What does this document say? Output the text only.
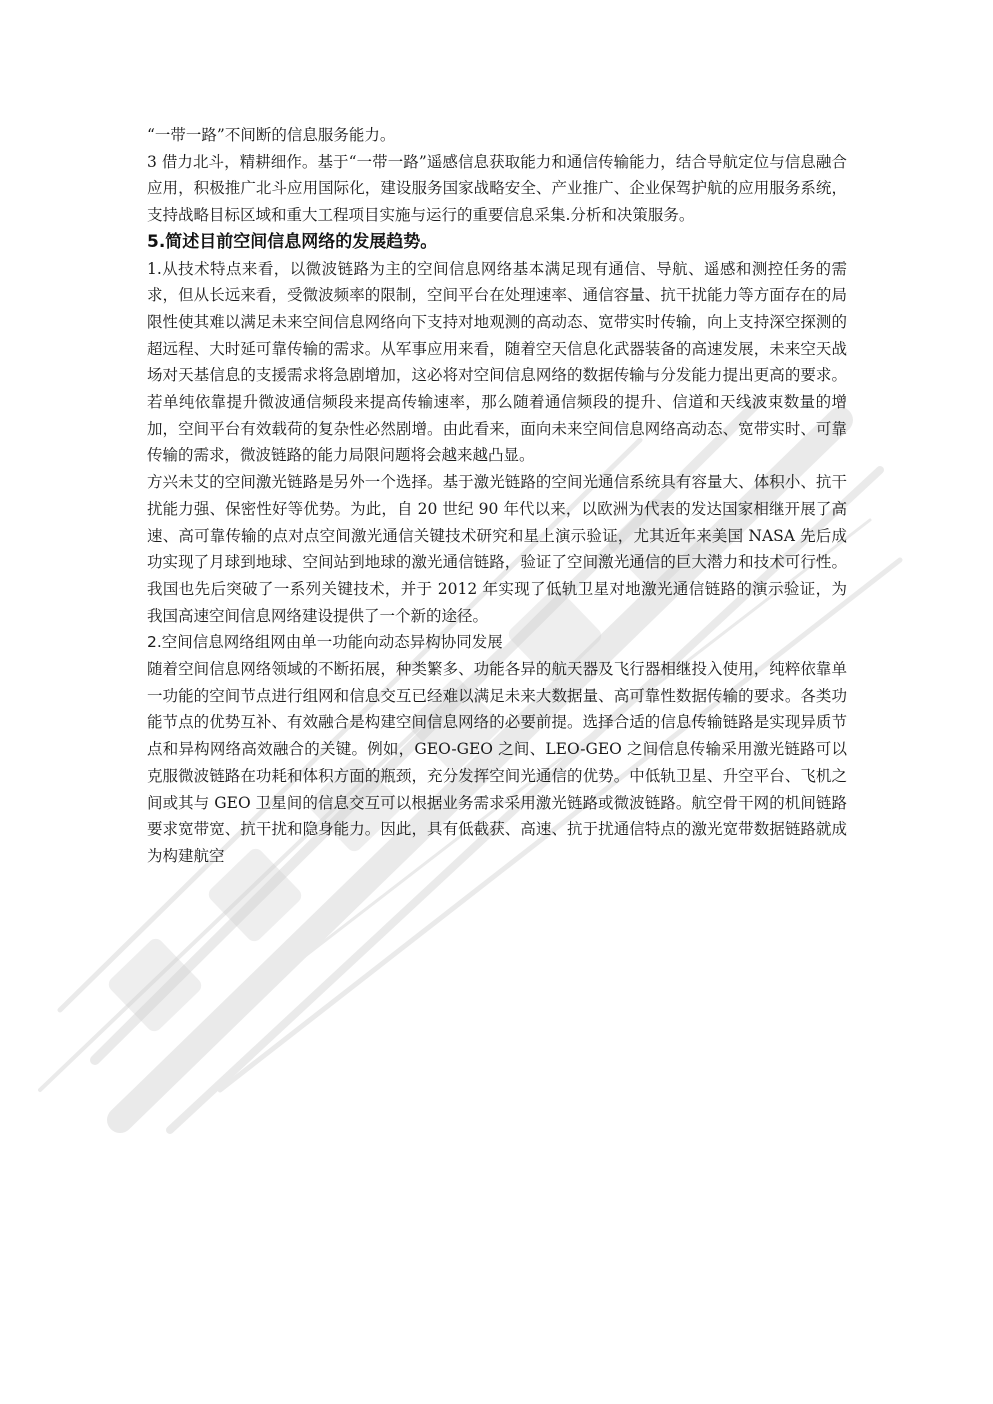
“一带一路”不间断的信息服务能力。

3 借力北斗，精耕细作。基于“一带一路”遥感信息获取能力和通信传输能力，结合导航定位与信息融合应用，积极推广北斗应用国际化，建设服务国家战略安全、产业推广、企业保驾护航的应用服务系统，支持战略目标区域和重大工程项目实施与运行的重要信息采集.分析和决策服务。

5.简述目前空间信息网络的发展趋势。

1.从技术特点来看，以微波链路为主的空间信息网络基本满足现有通信、导航、遥感和测控任务的需求，但从长远来看，受微波频率的限制，空间平台在处理速率、通信容量、抗干扰能力等方面存在的局限性使其难以满足未来空间信息网络向下支持对地观测的高动态、宽带实时传输，向上支持深空探测的超远程、大时延可靠传输的需求。从军事应用来看，随着空天信息化武器装备的高速发展，未来空天战场对天基信息的支援需求将急剧增加，这必将对空间信息网络的数据传输与分发能力提出更高的要求。若单纯依靠提升微波通信频段来提高传输速率，那么随着通信频段的提升、信道和天线波束数量的增加，空间平台有效载荷的复杂性必然剧增。由此看来，面向未来空间信息网络高动态、宽带实时、可靠传输的需求，微波链路的能力局限问题将会越来越凸显。

方兴未艾的空间激光链路是另外一个选择。基于激光链路的空间光通信系统具有容量大、体积小、抗干扰能力强、保密性好等优势。为此，自 20 世纪 90 年代以来，以欧洲为代表的发达国家相继开展了高速、高可靠传输的点对点空间激光通信关键技术研究和星上演示验证，尤其近年来美国 NASA 先后成功实现了月球到地球、空间站到地球的激光通信链路，验证了空间激光通信的巨大潜力和技术可行性。我国也先后突破了一系列关键技术，并于 2012 年实现了低轨卫星对地激光通信链路的演示验证，为我国高速空间信息网络建设提供了一个新的途径。

2.空间信息网络组网由单一功能向动态异构协同发展

随着空间信息网络领域的不断拓展，种类繁多、功能各异的航天器及飞行器相继投入使用，纯粹依靠单一功能的空间节点进行组网和信息交互已经难以满足未来大数据量、高可靠性数据传输的要求。各类功能节点的优势互补、有效融合是构建空间信息网络的必要前提。选择合适的信息传输链路是实现异质节点和异构网络高效融合的关键。例如，GEO-GEO 之间、LEO-GEO 之间信息传输采用激光链路可以克服微波链路在功耗和体积方面的瓶颈，充分发挥空间光通信的优势。中低轨卫星、升空平台、飞机之间或其与 GEO 卫星间的信息交互可以根据业务需求采用激光链路或微波链路。航空骨干网的机间链路要求宽带宽、抗干扰和隐身能力。因此，具有低截获、高速、抗于扰通信特点的激光宽带数据链路就成为构建航空
